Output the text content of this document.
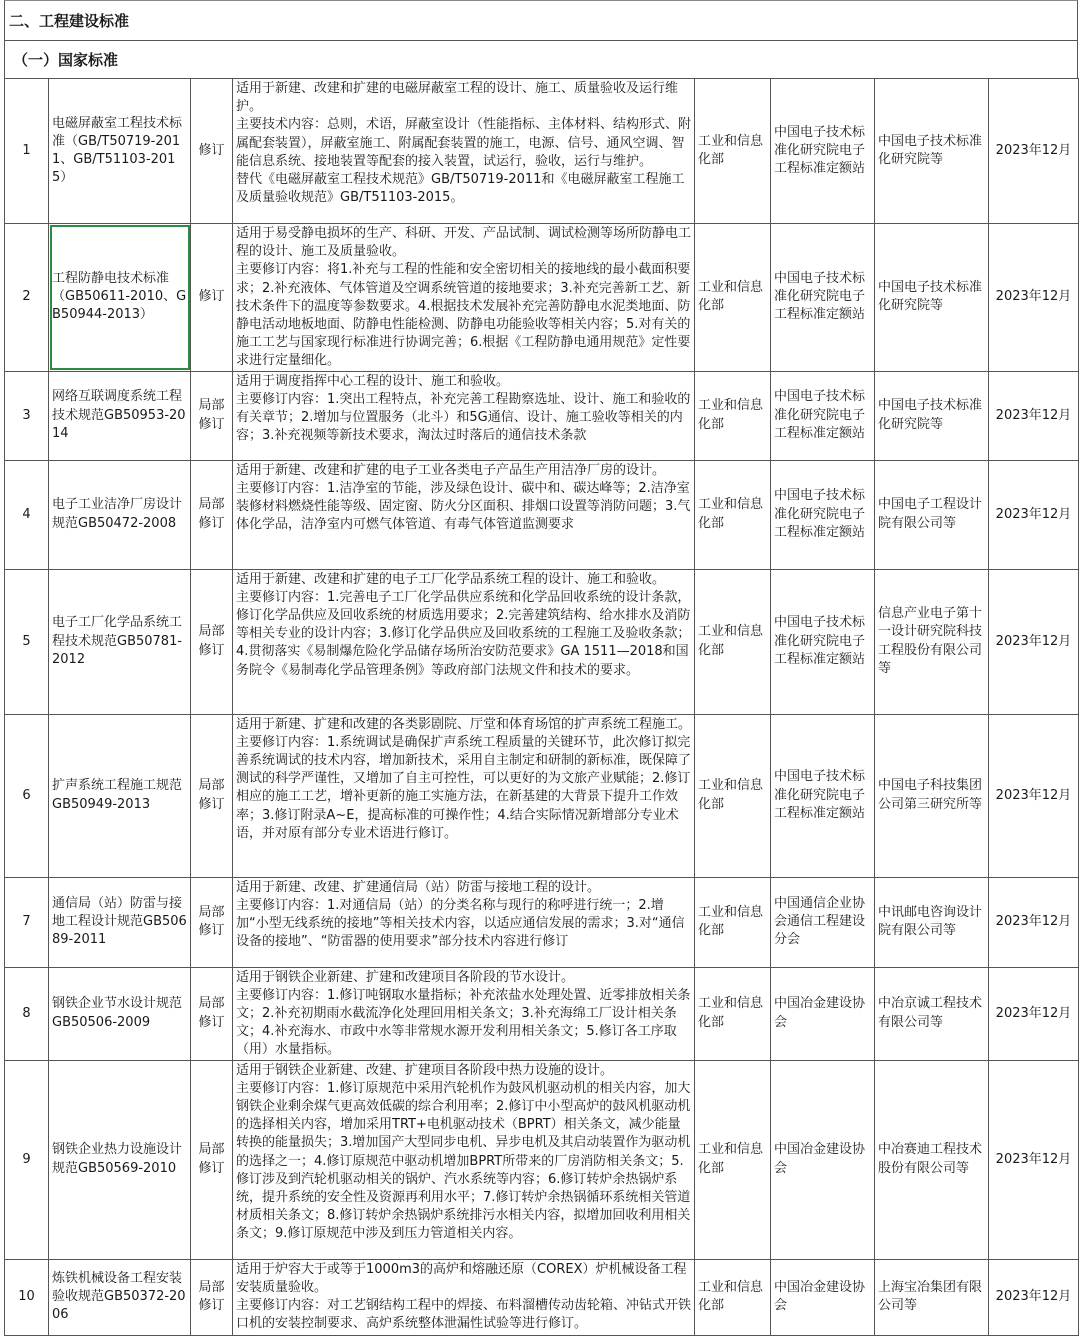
二、工程建设标准
（一）国家标准
1	电磁屏蔽室工程技术标准（GB/T50719-2011、GB/T51103-2015）	修订	适用于新建、改建和扩建的电磁屏蔽室工程的设计、施工、质量验收及运行维护。
主要技术内容：总则，术语，屏蔽室设计（性能指标、主体材料、结构形式、附属配套装置），屏蔽室施工、附属配套装置的施工，电源、信号、通风空调、智能信息系统、接地装置等配套的接入装置，试运行，验收，运行与维护。
替代《电磁屏蔽室工程技术规范》GB/T50719-2011和《电磁屏蔽室工程施工及质量验收规范》GB/T51103-2015。	工业和信息化部	中国电子技术标准化研究院电子工程标准定额站	中国电子技术标准化研究院等	2023年12月
2	工程防静电技术标准（GB50611-2010、GB50944-2013）	修订	适用于易受静电损坏的生产、科研、开发、产品试制、调试检测等场所防静电工程的设计、施工及质量验收。
主要修订内容：将1.补充与工程的性能和安全密切相关的接地线的最小截面积要求；2.补充液体、气体管道及空调系统管道的接地要求；3.补充完善新工艺、新技术条件下的温度等参数要求。4.根据技术发展补充完善防静电水泥类地面、防静电活动地板地面、防静电性能检测、防静电功能验收等相关内容；5.对有关的施工工艺与国家现行标准进行协调完善；6.根据《工程防静电通用规范》定性要求进行定量细化。	工业和信息化部	中国电子技术标准化研究院电子工程标准定额站	中国电子技术标准化研究院等	2023年12月
3	网络互联调度系统工程技术规范GB50953-2014	局部修订	适用于调度指挥中心工程的设计、施工和验收。
主要修订内容：1.突出工程特点，补充完善工程勘察选址、设计、施工和验收的有关章节；2.增加与位置服务（北斗）和5G通信、设计、施工验收等相关的内容；3.补充视频等新技术要求，淘汰过时落后的通信技术条款	工业和信息化部	中国电子技术标准化研究院电子工程标准定额站	中国电子技术标准化研究院等	2023年12月
4	电子工业洁净厂房设计规范GB50472-2008	局部修订	适用于新建、改建和扩建的电子工业各类电子产品生产用洁净厂房的设计。
主要修订内容：1.洁净室的节能，涉及绿色设计、碳中和、碳达峰等；2.洁净室装修材料燃烧性能等级、固定窗、防火分区面积、排烟口设置等消防问题；3.气体化学品，洁净室内可燃气体管道、有毒气体管道监测要求	工业和信息化部	中国电子技术标准化研究院电子工程标准定额站	中国电子工程设计院有限公司等	2023年12月
5	电子工厂化学品系统工程技术规范GB50781-2012	局部修订	适用于新建、改建和扩建的电子工厂化学品系统工程的设计、施工和验收。
主要修订内容：1.完善电子工厂化学品供应系统和化学品回收系统的设计条款，修订化学品供应及回收系统的材质选用要求；2.完善建筑结构、给水排水及消防等相关专业的设计内容；3.修订化学品供应及回收系统的工程施工及验收条款；4.贯彻落实《易制爆危险化学品储存场所治安防范要求》GA 1511—2018和国务院令《易制毒化学品管理条例》等政府部门法规文件和技术的要求。	工业和信息化部	中国电子技术标准化研究院电子工程标准定额站	信息产业电子第十一设计研究院科技工程股份有限公司等	2023年12月
6	扩声系统工程施工规范GB50949-2013	局部修订	适用于新建、扩建和改建的各类影剧院、厅堂和体育场馆的扩声系统工程施工。
主要修订内容：1.系统调试是确保扩声系统工程质量的关键环节，此次修订拟完善系统调试的技术内容，增加新技术，采用自主制定和研制的新标准，既保障了测试的科学严谨性，又增加了自主可控性，可以更好的为文旅产业赋能；2.修订相应的施工工艺，增补更新的施工实施方法，在新基建的大背景下提升工作效率；3.修订附录A~E，提高标准的可操作性；4.结合实际情况新增部分专业术语，并对原有部分专业术语进行修订。	工业和信息化部	中国电子技术标准化研究院电子工程标准定额站	中国电子科技集团公司第三研究所等	2023年12月
7	通信局（站）防雷与接地工程设计规范GB50689-2011	局部修订	适用于新建、改建、扩建通信局（站）防雷与接地工程的设计。
主要修订内容：1.对通信局（站）的分类名称与现行的称呼进行统一；2.增加“小型无线系统的接地”等相关技术内容，以适应通信发展的需求；3.对“通信设备的接地”、“防雷器的使用要求”部分技术内容进行修订	工业和信息化部	中国通信企业协会通信工程建设分会	中讯邮电咨询设计院有限公司等	2023年12月
8	钢铁企业节水设计规范GB50506-2009	局部修订	适用于钢铁企业新建、扩建和改建项目各阶段的节水设计。
主要修订内容：1.修订吨钢取水量指标；补充浓盐水处理处置、近零排放相关条文；2.补充初期雨水截流净化处理回用相关条文；3.补充海绵工厂设计相关条文；4.补充海水、市政中水等非常规水源开发利用相关条文；5.修订各工序取（用）水量指标。	工业和信息化部	中国冶金建设协会	中冶京诚工程技术有限公司等	2023年12月
9	钢铁企业热力设施设计规范GB50569-2010	局部修订	适用于钢铁企业新建、改建、扩建项目各阶段中热力设施的设计。
主要修订内容：1.修订原规范中采用汽轮机作为鼓风机驱动机的相关内容，加大钢铁企业剩余煤气更高效低碳的综合利用率；2.修订中小型高炉的鼓风机驱动机的选择相关内容，增加采用TRT+电机驱动技术（BPRT）相关条文，减少能量转换的能量损失；3.增加国产大型同步电机、异步电机及其启动装置作为驱动机的选择之一；4.修订原规范中驱动机增加BPRT所带来的厂房消防相关条文；5.修订涉及到汽轮机驱动相关的锅炉、汽水系统等内容；6.修订转炉余热锅炉系统，提升系统的安全性及资源再利用水平；7.修订转炉余热锅循环系统相关管道材质相关条文；8.修订转炉余热锅炉系统排污水相关内容，拟增加回收利用相关条文；9.修订原规范中涉及到压力管道相关内容。	工业和信息化部	中国冶金建设协会	中冶赛迪工程技术股份有限公司等	2023年12月
10	炼铁机械设备工程安装验收规范GB50372-2006	局部修订	适用于炉容大于或等于1000m3的高炉和熔融还原（COREX）炉机械设备工程安装质量验收。
主要修订内容：对工艺钢结构工程中的焊接、布料溜槽传动齿轮箱、冲钻式开铁口机的安装控制要求、高炉系统整体泄漏性试验等进行修订。	工业和信息化部	中国冶金建设协会	上海宝冶集团有限公司等	2023年12月
